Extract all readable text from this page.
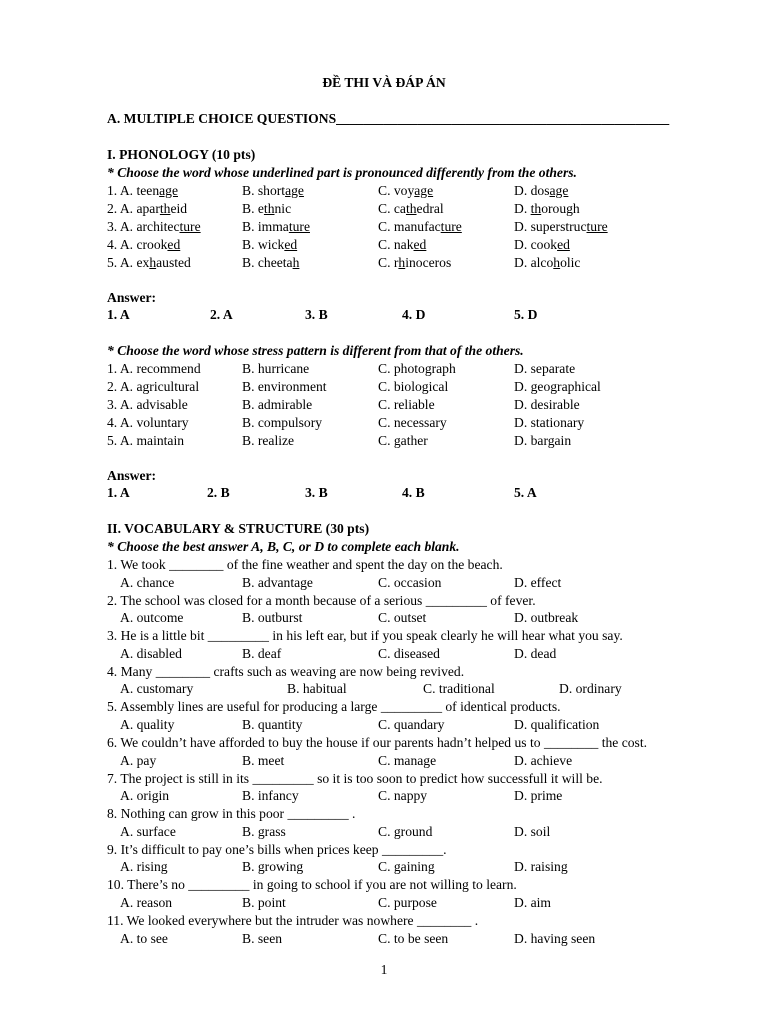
ĐỀ THI VÀ ĐÁP ÁN
A. MULTIPLE CHOICE QUESTIONS_________________________________________________
I. PHONOLOGY (10 pts)
* Choose the word whose underlined part is pronounced differently from the others.
1. A. teenage	B. shortage	C. voyage	D. dosage
2. A. apartheid	B. ethnic	C. cathedral	D. thorough
3. A. architecture	B. immature	C. manufacture	D. superstructure
4. A. crooked	B. wicked	C. naked	D. cooked
5. A. exhausted	B. cheetah	C. rhinoceros	D. alcoholic
Answer:
1. A	2. A	3. B	4. D	5. D
* Choose the word whose stress pattern is different from that of the others.
1. A. recommend	B. hurricane	C. photograph	D. separate
2. A. agricultural	B. environment	C. biological	D. geographical
3. A. advisable	B. admirable	C. reliable	D. desirable
4. A. voluntary	B. compulsory	C. necessary	D. stationary
5. A. maintain	B. realize	C. gather	D. bargain
Answer:
1. A	2. B	3. B	4. B	5. A
II. VOCABULARY & STRUCTURE (30 pts)
* Choose the best answer A, B, C, or D to complete each blank.
1. We took ________ of the fine weather and spent the day on the beach.
A. chance	B. advantage	C. occasion	D. effect
2. The school was closed for a month because of a serious _________ of fever.
A. outcome	B. outburst	C. outset	D. outbreak
3. He is a little bit _________ in his left ear, but if you speak clearly he will hear what you say.
A. disabled	B. deaf	C. diseased	D. dead
4. Many ________ crafts such as weaving are now being revived.
A. customary	B. habitual	C. traditional	D. ordinary
5. Assembly lines are useful for producing a large _________ of identical products.
A. quality	B. quantity	C. quandary	D. qualification
6. We couldn’t have afforded to buy the house if our parents hadn’t helped us to ________ the cost.
A. pay	B. meet	C. manage	D. achieve
7. The project is still in its _________ so it is too soon to predict how successfull it will be.
A. origin	B. infancy	C. nappy	D. prime
8. Nothing can grow in this poor _________ .
A. surface	B. grass	C. ground	D. soil
9. It’s difficult to pay one’s bills when prices keep _________.
A. rising	B. growing	C. gaining	D. raising
10. There’s no _________ in going to school if you are not willing to learn.
A. reason	B. point	C. purpose	D. aim
11. We looked everywhere but the intruder was nowhere ________ .
A. to see	B. seen	C. to be seen	D. having seen
1
